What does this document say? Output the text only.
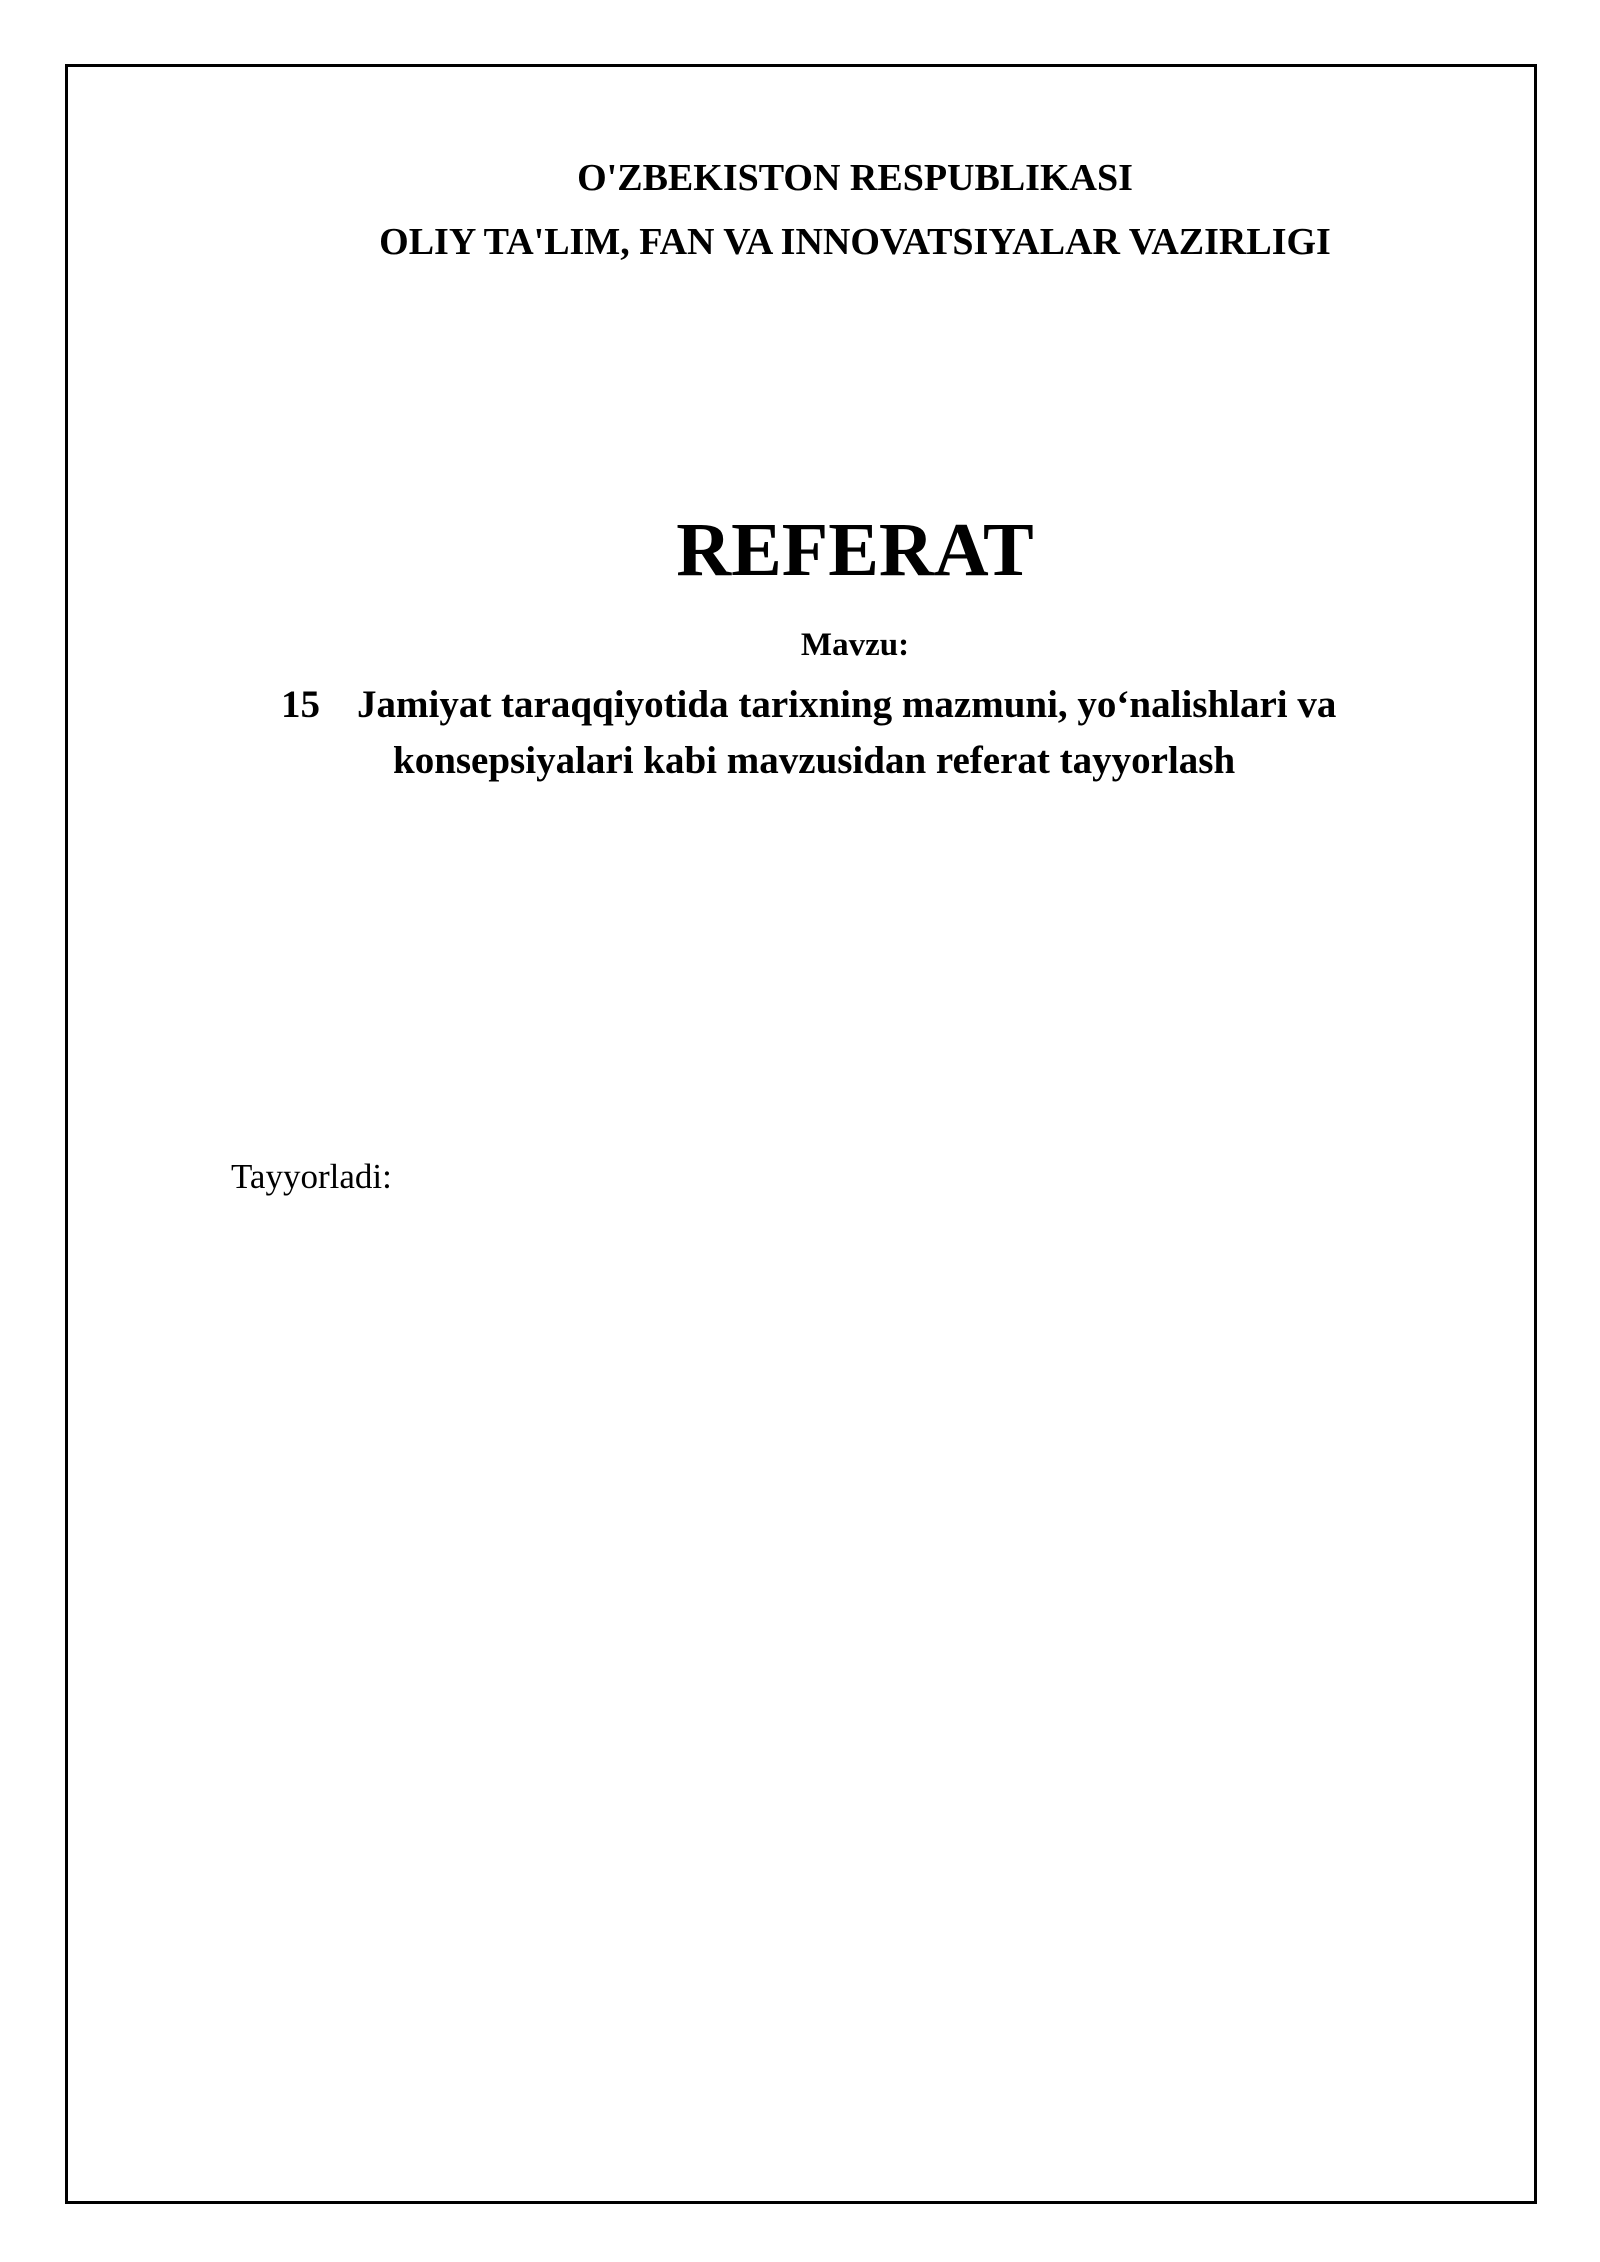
O'ZBEKISTON RESPUBLIKASI
OLIY TA'LIM, FAN VA INNOVATSIYALAR VAZIRLIGI
REFERAT
Mavzu:
15 Jamiyat taraqqiyotida tarixning mazmuni, yo‘nalishlari va
konsepsiyalari kabi mavzusidan referat tayyorlash
Tayyorladi:
